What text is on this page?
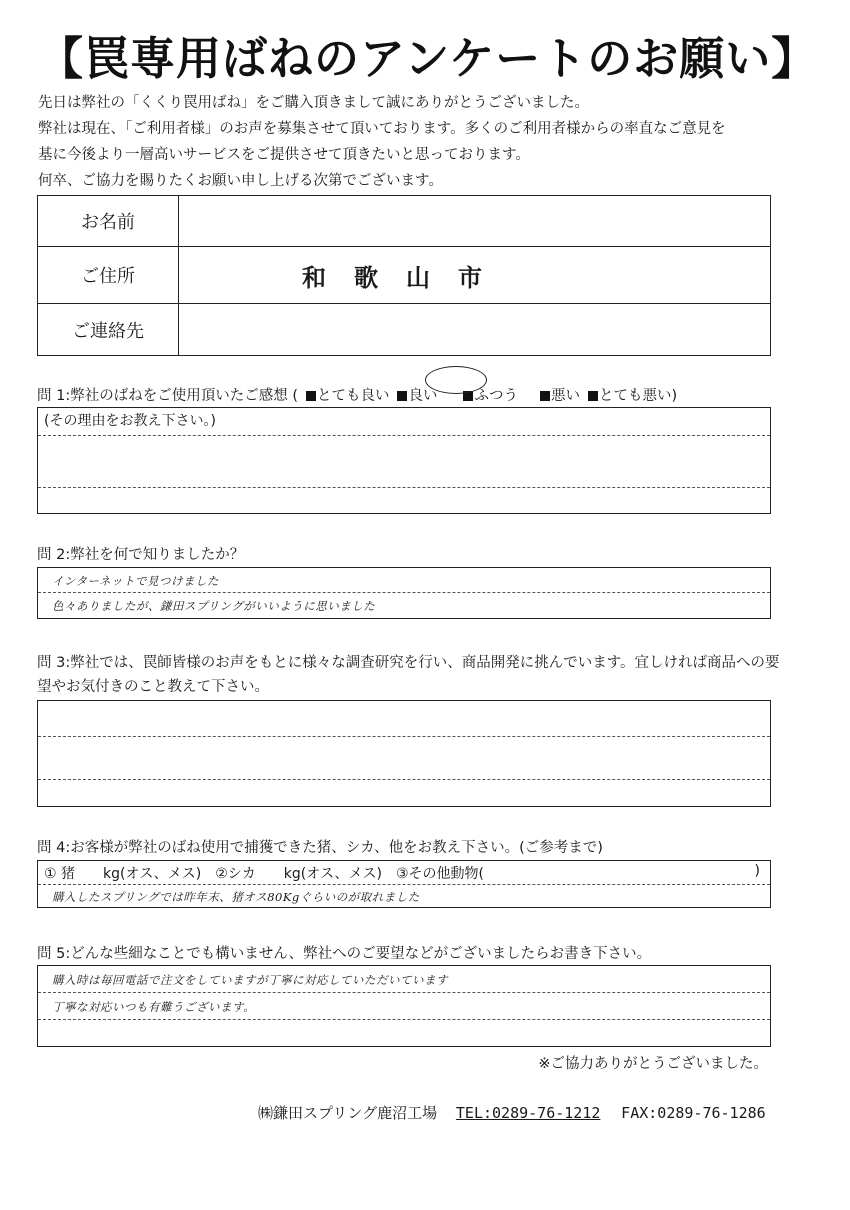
【罠専用ばねのアンケートのお願い】
先日は弊社の「くくり罠用ばね」をご購入頂きまして誠にありがとうございました。
弊社は現在、「ご利用者様」のお声を募集させて頂いております。多くのご利用者様からの率直なご意見を
基に今後より一層高いサービスをご提供させて頂きたいと思っております。
何卒、ご協力を賜りたくお願い申し上げる次第でございます。
お名前	
ご住所	和歌山市
ご連絡先	
問 1:弊社のばねをご使用頂いたご感想 ( とても良い 良い	ふつう 悪い とても悪い)
(その理由をお教え下さい。)
問 2:弊社を何で知りましたか？
インターネットで見つけました
色々ありましたが、鎌田スプリングがいいように思いました
問 3:弊社では、罠師皆様のお声をもとに様々な調査研究を行い、商品開発に挑んでいます。宜しければ商品への要望やお気付きのこと教えて下さい。
問 4:お客様が弊社のばね使用で捕獲できた猪、シカ、他をお教え下さい。(ご参考まで)
① 猪　　kg(オス、メス)　②シカ　　kg(オス、メス)　③その他動物(	)
購入したスプリングでは昨年末、猪オス80Kgぐらいのが取れました
問 5:どんな些細なことでも構いません、弊社へのご要望などがございましたらお書き下さい。
購入時は毎回電話で注文をしていますが丁寧に対応していただいています
丁寧な対応いつも有難うございます。
※ご協力ありがとうございました。
㈱鎌田スプリング鹿沼工場 TEL:0289-76-1212 FAX:0289-76-1286
